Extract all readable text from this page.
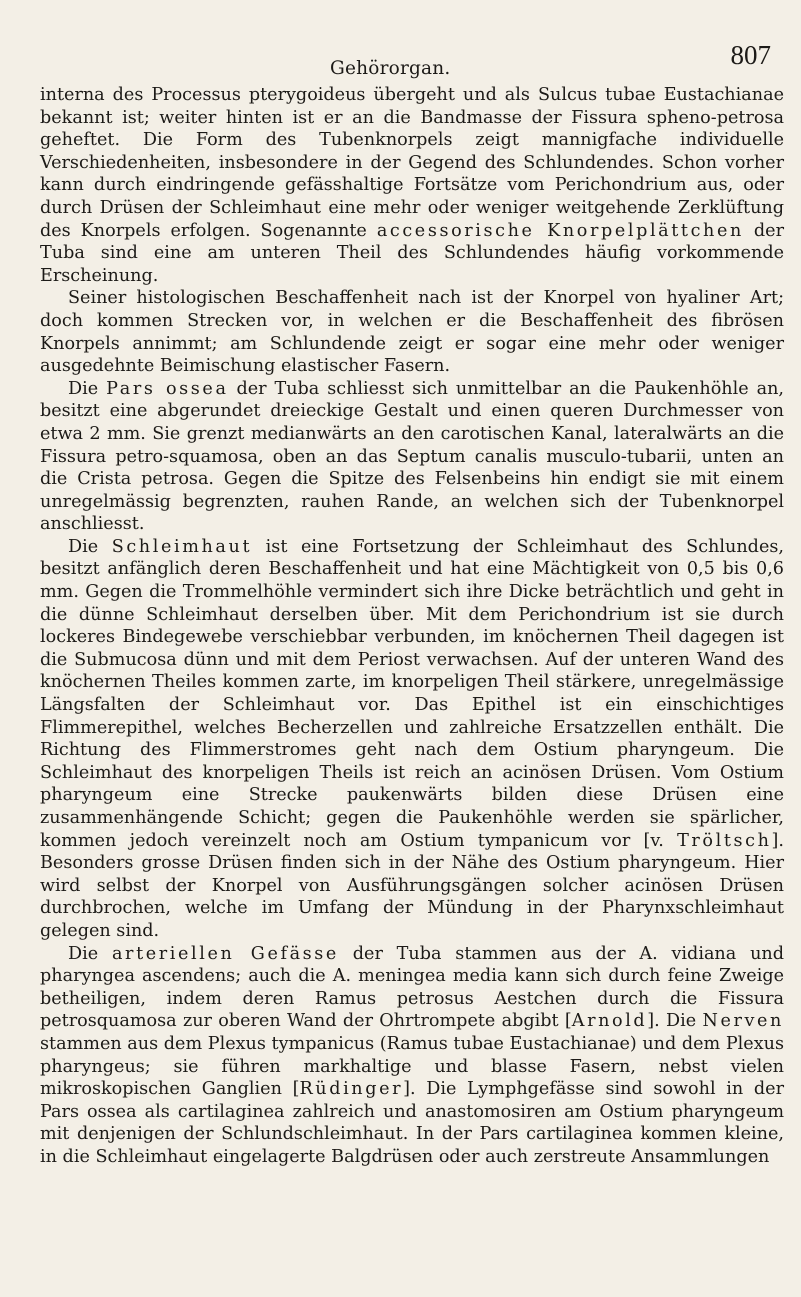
Gehörorgan.	807

interna des Processus pterygoideus übergeht und als Sulcus tubae Eustachianae bekannt ist; weiter hinten ist er an die Bandmasse der Fissura spheno-petrosa geheftet. Die Form des Tubenknorpels zeigt mannigfache individuelle Verschiedenheiten, insbesondere in der Gegend des Schlundendes. Schon vorher kann durch eindringende gefässhaltige Fortsätze vom Perichondrium aus, oder durch Drüsen der Schleimhaut eine mehr oder weniger weitgehende Zerklüftung des Knorpels erfolgen. Sogenannte accessorische Knorpelplättchen der Tuba sind eine am unteren Theil des Schlundendes häufig vorkommende Erscheinung.

Seiner histologischen Beschaffenheit nach ist der Knorpel von hyaliner Art; doch kommen Strecken vor, in welchen er die Beschaffenheit des fibrösen Knorpels annimmt; am Schlundende zeigt er sogar eine mehr oder weniger ausgedehnte Beimischung elastischer Fasern.

Die Pars ossea der Tuba schliesst sich unmittelbar an die Paukenhöhle an, besitzt eine abgerundet dreieckige Gestalt und einen queren Durchmesser von etwa 2 mm. Sie grenzt medianwärts an den carotischen Kanal, lateralwärts an die Fissura petro-squamosa, oben an das Septum canalis musculo-tubarii, unten an die Crista petrosa. Gegen die Spitze des Felsenbeins hin endigt sie mit einem unregelmässig begrenzten, rauhen Rande, an welchen sich der Tubenknorpel anschliesst.

Die Schleimhaut ist eine Fortsetzung der Schleimhaut des Schlundes, besitzt anfänglich deren Beschaffenheit und hat eine Mächtigkeit von 0,5 bis 0,6 mm. Gegen die Trommelhöhle vermindert sich ihre Dicke beträchtlich und geht in die dünne Schleimhaut derselben über. Mit dem Perichondrium ist sie durch lockeres Bindegewebe verschiebbar verbunden, im knöchernen Theil dagegen ist die Submucosa dünn und mit dem Periost verwachsen. Auf der unteren Wand des knöchernen Theiles kommen zarte, im knorpeligen Theil stärkere, unregelmässige Längsfalten der Schleimhaut vor. Das Epithel ist ein einschichtiges Flimmerepithel, welches Becherzellen und zahlreiche Ersatzzellen enthält. Die Richtung des Flimmerstromes geht nach dem Ostium pharyngeum. Die Schleimhaut des knorpeligen Theils ist reich an acinösen Drüsen. Vom Ostium pharyngeum eine Strecke paukenwärts bilden diese Drüsen eine zusammenhängende Schicht; gegen die Paukenhöhle werden sie spärlicher, kommen jedoch vereinzelt noch am Ostium tympanicum vor [v. Tröltsch]. Besonders grosse Drüsen finden sich in der Nähe des Ostium pharyngeum. Hier wird selbst der Knorpel von Ausführungsgängen solcher acinösen Drüsen durchbrochen, welche im Umfang der Mündung in der Pharynxschleimhaut gelegen sind.

Die arteriellen Gefässe der Tuba stammen aus der A. vidiana und pharyngea ascendens; auch die A. meningea media kann sich durch feine Zweige betheiligen, indem deren Ramus petrosus Aestchen durch die Fissura petrosquamosa zur oberen Wand der Ohrtrompete abgibt [Arnold]. Die Nerven stammen aus dem Plexus tympanicus (Ramus tubae Eustachianae) und dem Plexus pharyngeus; sie führen markhaltige und blasse Fasern, nebst vielen mikroskopischen Ganglien [Rüdinger]. Die Lymphgefässe sind sowohl in der Pars ossea als cartilaginea zahlreich und anastomosiren am Ostium pharyngeum mit denjenigen der Schlundschleimhaut. In der Pars cartilaginea kommen kleine, in die Schleimhaut eingelagerte Balgdrüsen oder auch zerstreute Ansammlungen
